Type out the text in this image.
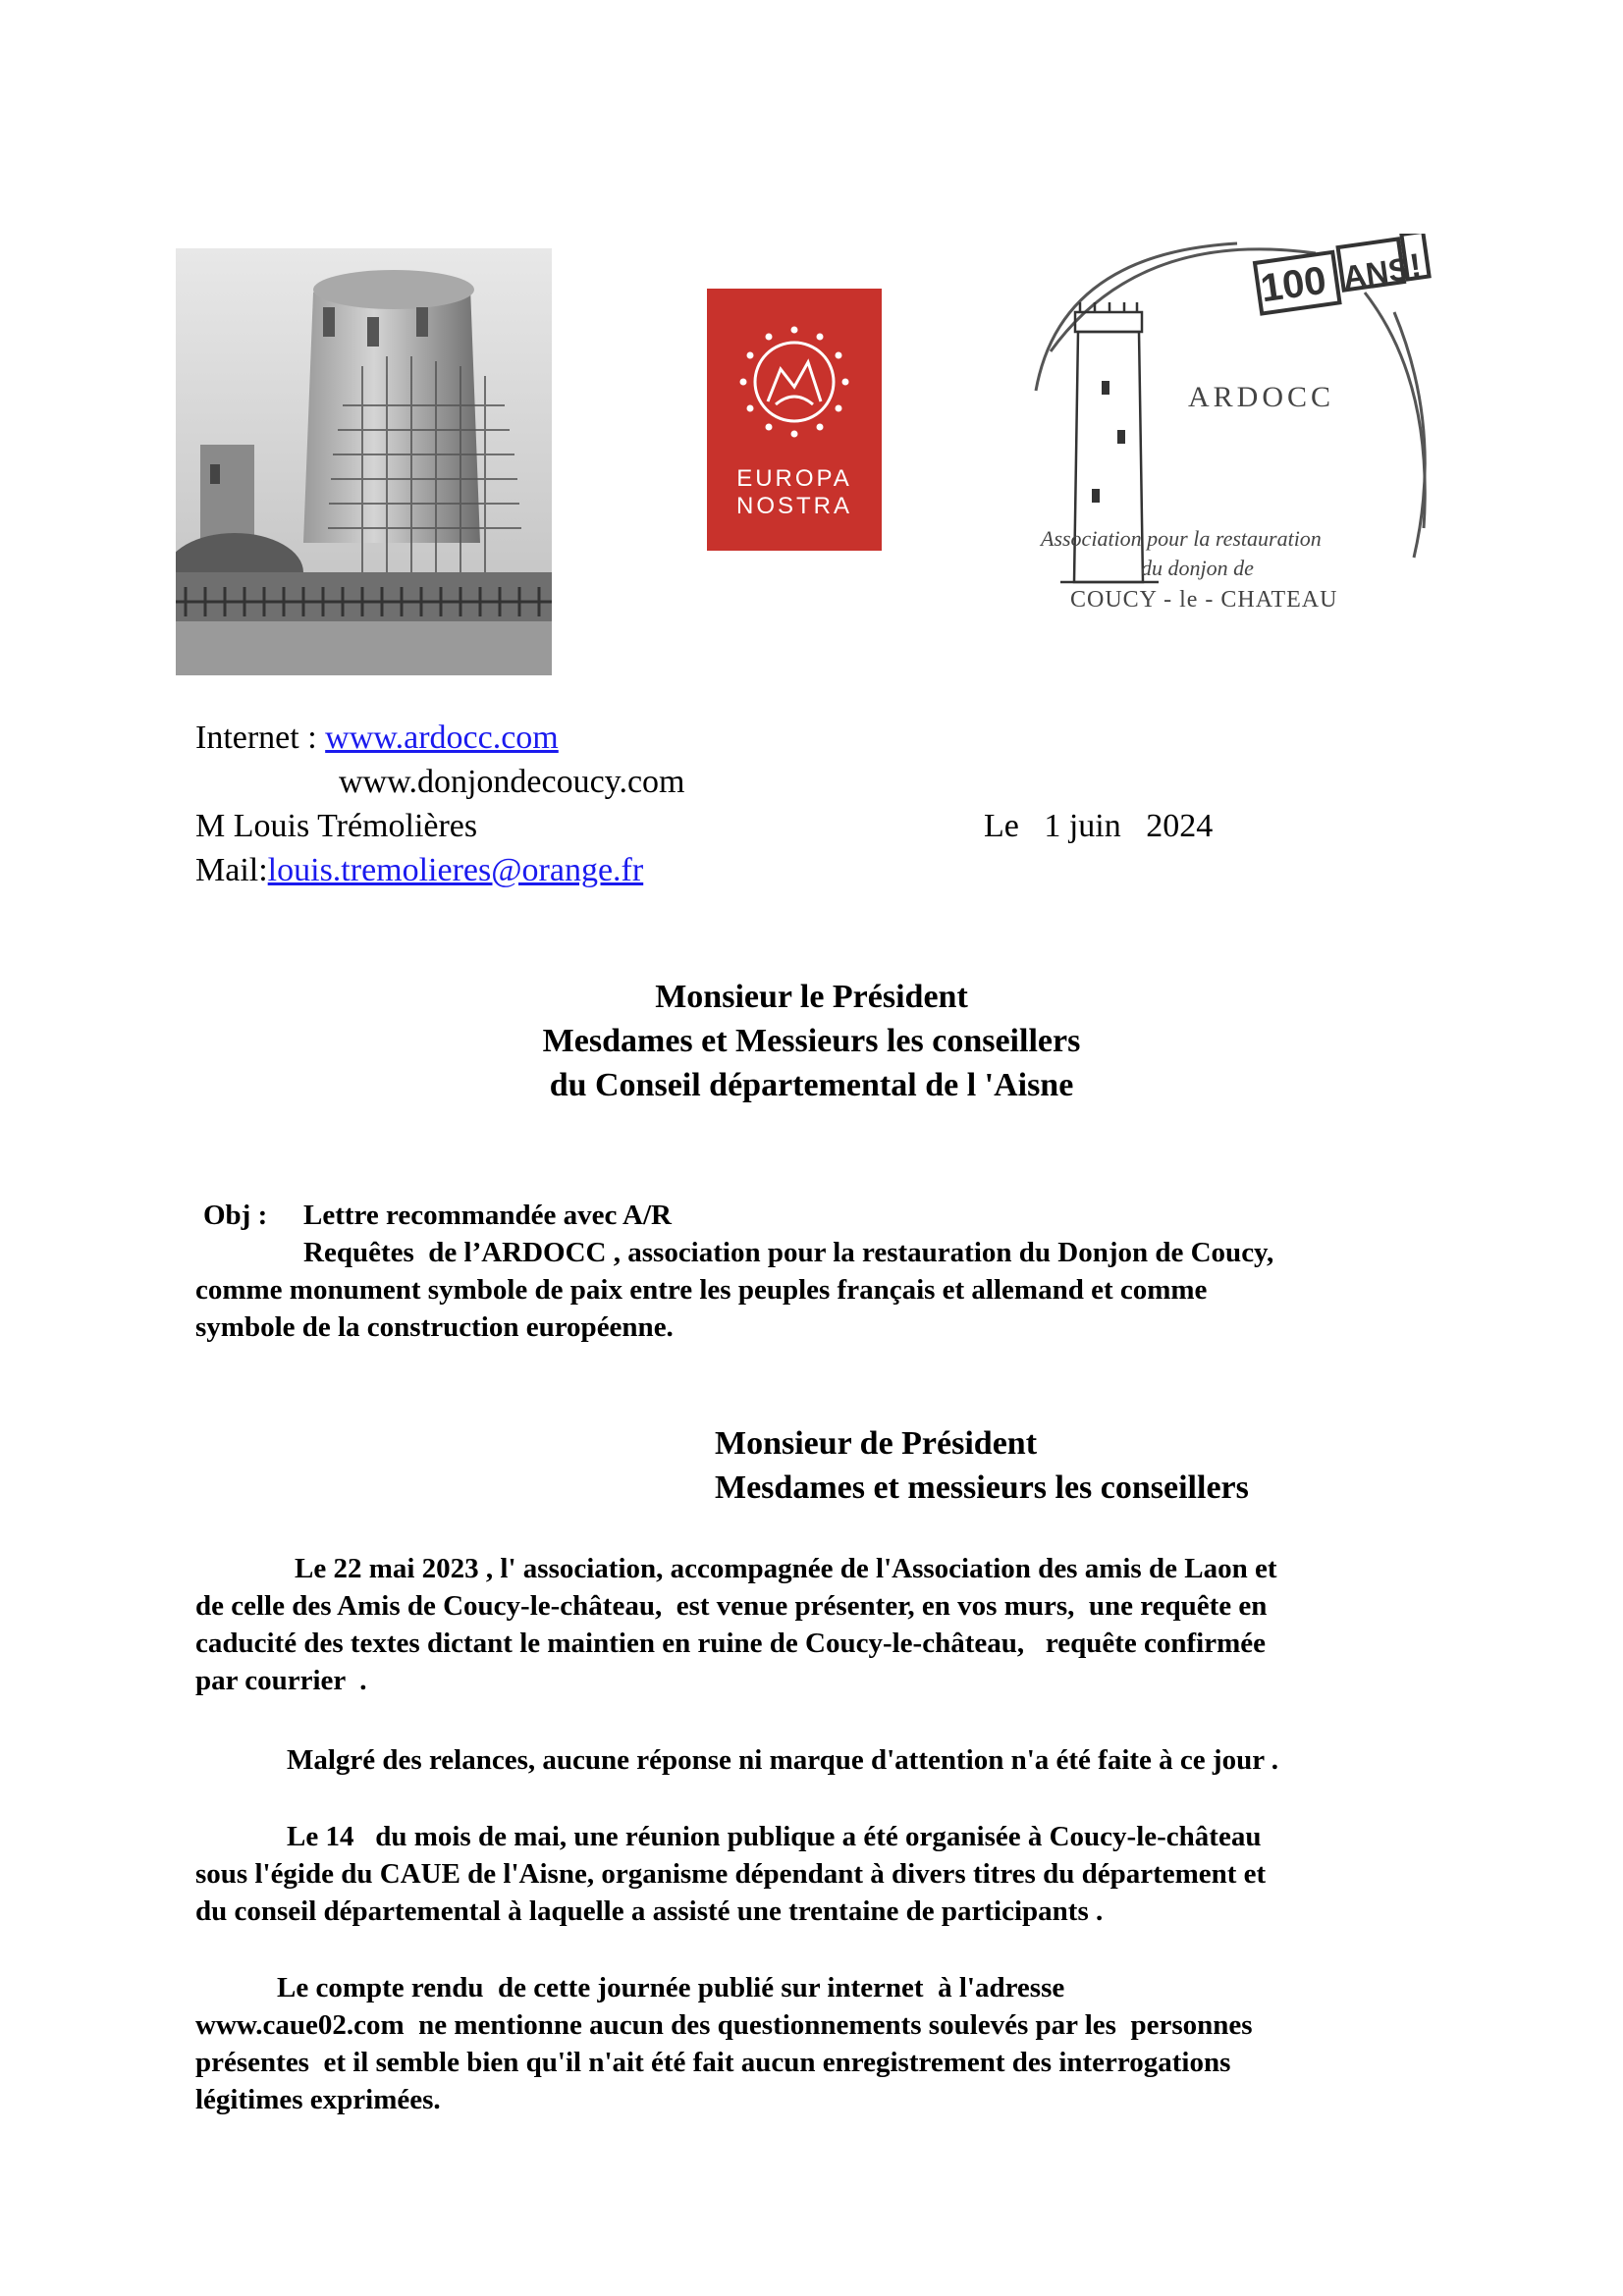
EUROPA
NOSTRA
100 ANS
!
ARDOCC
Association pour la restauration
du donjon de
COUCY - le - CHATEAU
Internet : www.ardocc.com
www.donjondecoucy.com
M Louis Trémolières	Le   1 juin   2024
Mail:louis.tremolieres@orange.fr
Monsieur le Président
Mesdames et Messieurs les conseillers
du Conseil départemental de l 'Aisne
Obj : Lettre recommandée avec A/R
Requêtes  de l’ARDOCC , association pour la restauration du Donjon de Coucy,
comme monument symbole de paix entre les peuples français et allemand et comme
symbole de la construction européenne.
Monsieur de Président
Mesdames et messieurs les conseillers
Le 22 mai 2023 , l' association, accompagnée de l'Association des amis de Laon et
de celle des Amis de Coucy-le-château,  est venue présenter, en vos murs,  une requête en
caducité des textes dictant le maintien en ruine de Coucy-le-château,   requête confirmée
par courrier  .
Malgré des relances, aucune réponse ni marque d'attention n'a été faite à ce jour .
Le 14   du mois de mai, une réunion publique a été organisée à Coucy-le-château
sous l'égide du CAUE de l'Aisne, organisme dépendant à divers titres du département et
du conseil départemental à laquelle a assisté une trentaine de participants .
Le compte rendu  de cette journée publié sur internet  à l'adresse
www.caue02.com  ne mentionne aucun des questionnements soulevés par les  personnes
présentes  et il semble bien qu'il n'ait été fait aucun enregistrement des interrogations
légitimes exprimées.
